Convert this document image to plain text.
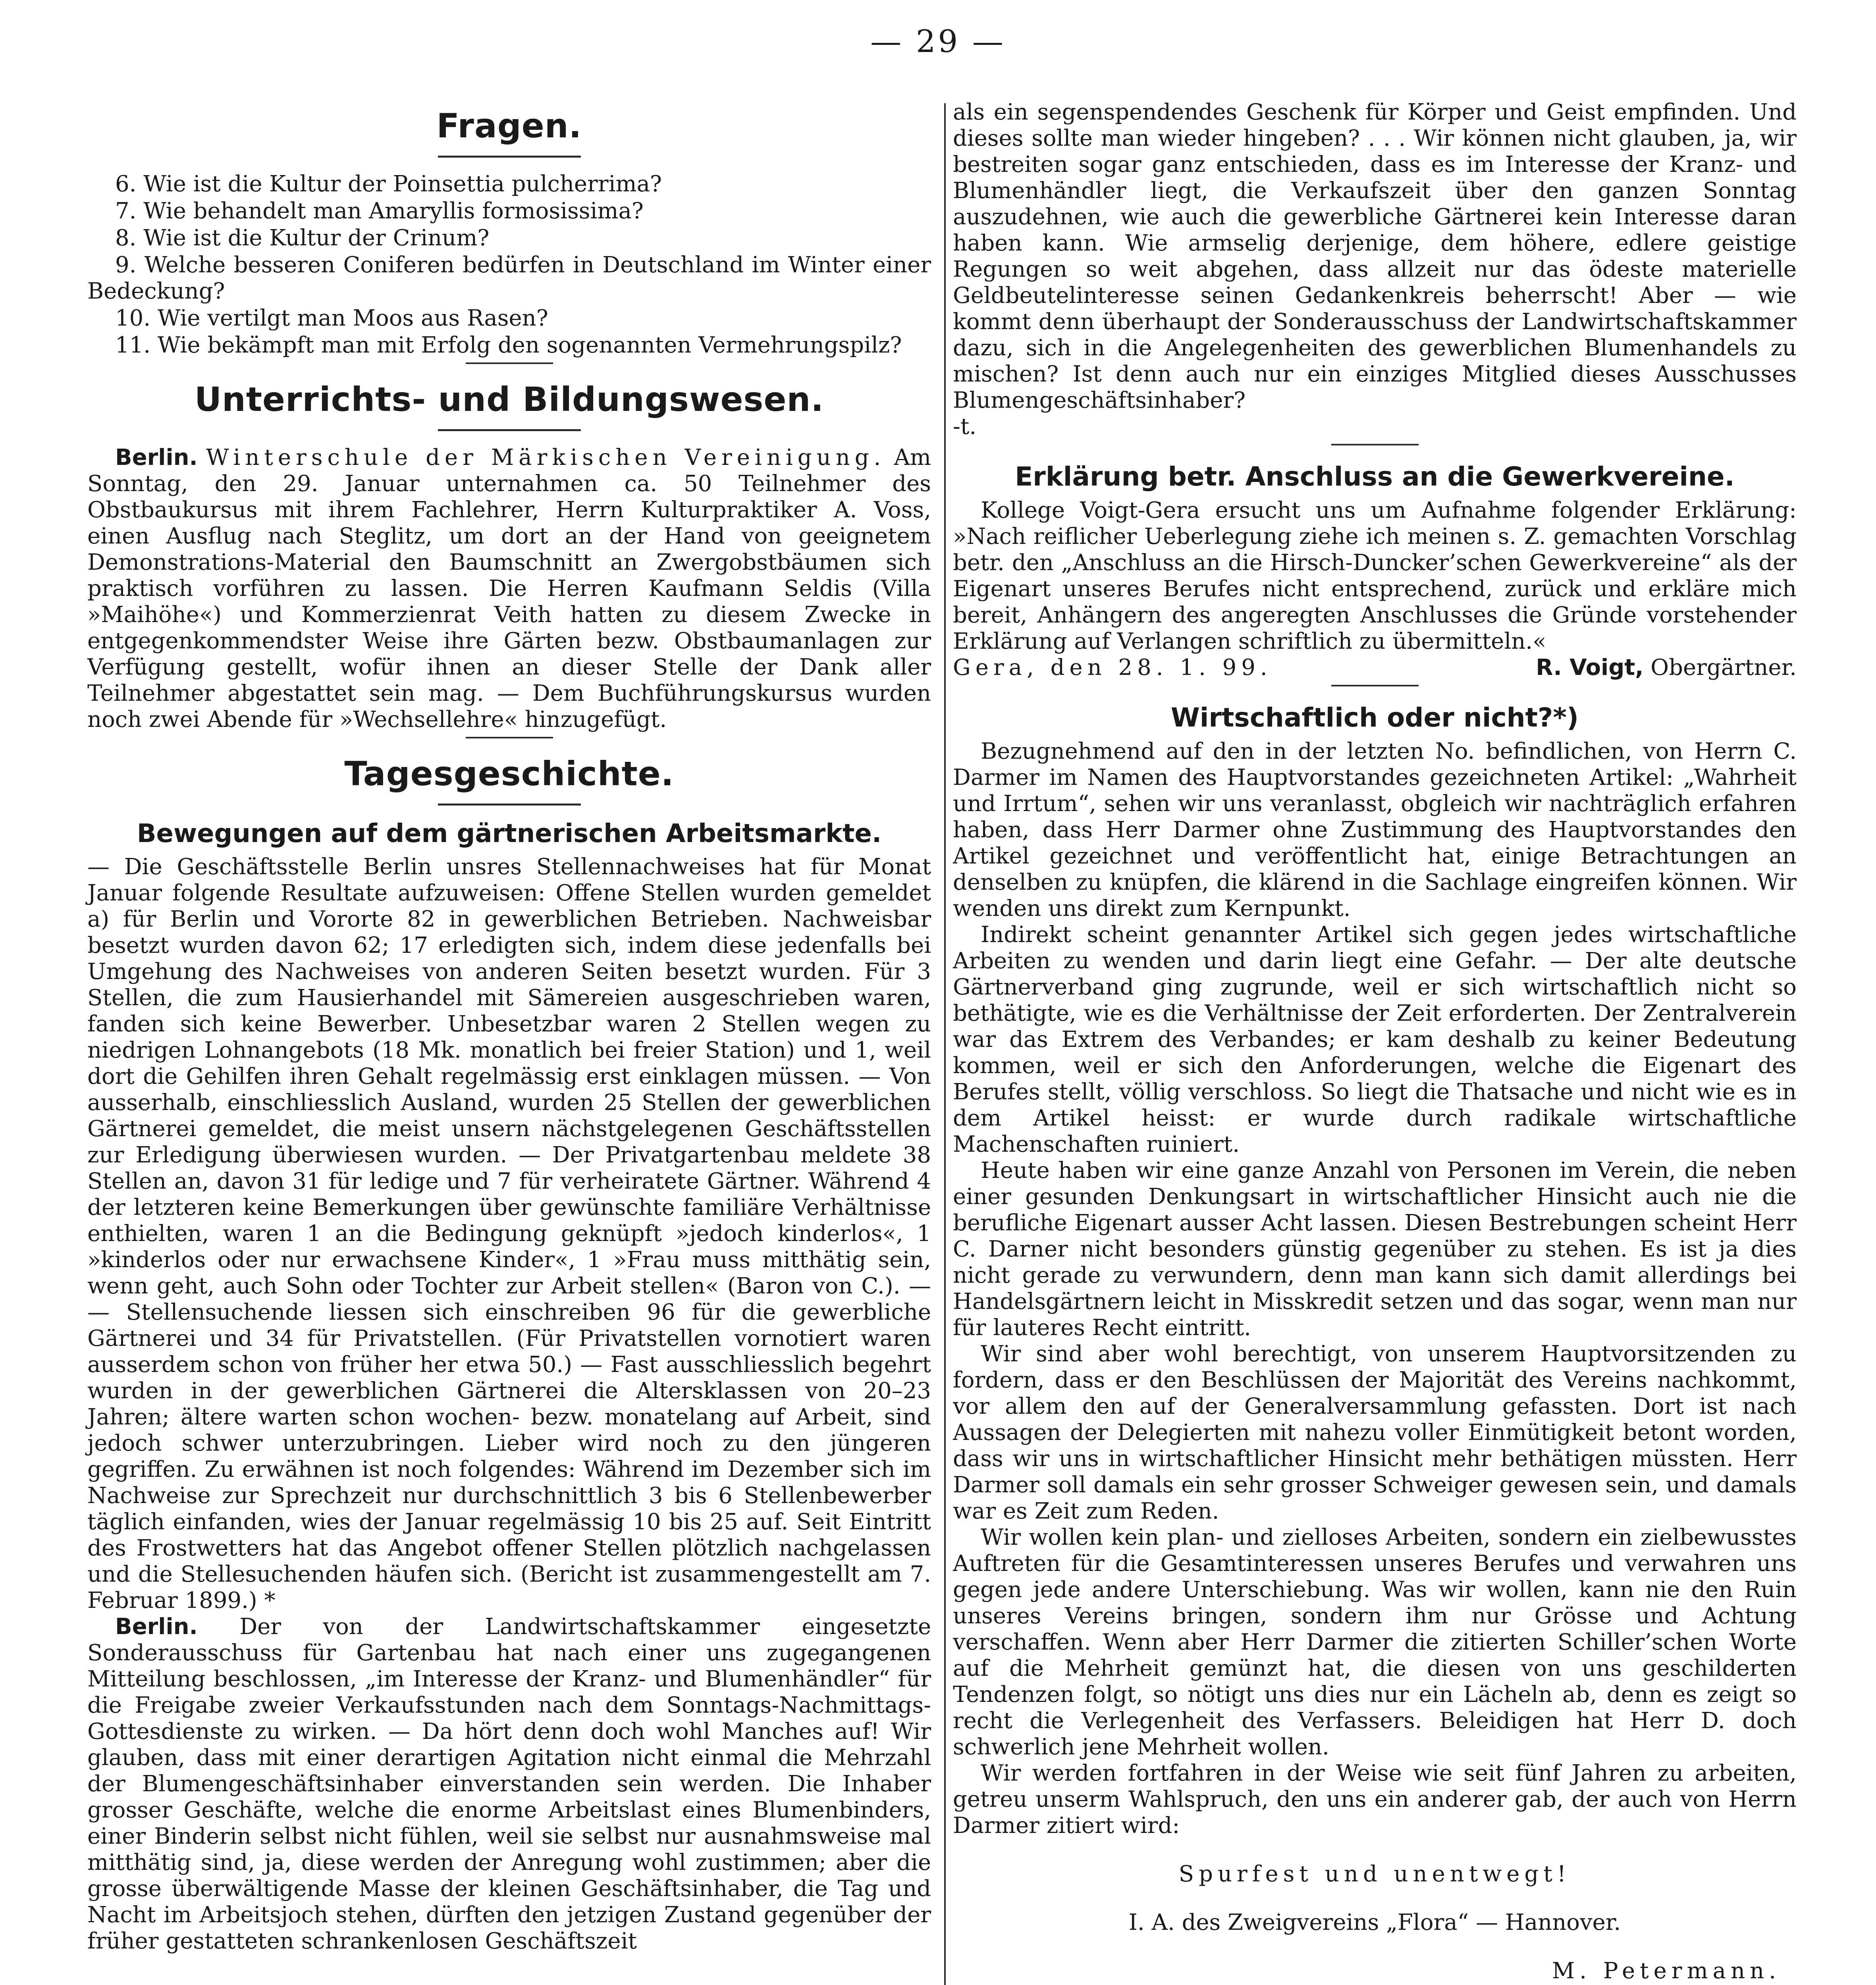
— 29 —
Fragen.

6. Wie ist die Kultur der Poinsettia pulcherrima?

7. Wie behandelt man Amaryllis formosissima?

8. Wie ist die Kultur der Crinum?

9. Welche besseren Coniferen bedürfen in Deutschland im Winter einer Bedeckung?

10. Wie vertilgt man Moos aus Rasen?

11. Wie bekämpft man mit Erfolg den sogenannten Vermehrungspilz?

Unterrichts- und Bildungswesen.

Berlin. Winterschule der Märkischen Vereinigung. Am Sonntag, den 29. Januar unternahmen ca. 50 Teilnehmer des Obstbaukursus mit ihrem Fachlehrer, Herrn Kulturpraktiker A. Voss, einen Ausflug nach Steglitz, um dort an der Hand von geeignetem Demonstrations-Material den Baumschnitt an Zwergobstbäumen sich praktisch vorführen zu lassen. Die Herren Kaufmann Seldis (Villa »Maihöhe«) und Kommerzienrat Veith hatten zu diesem Zwecke in entgegenkommendster Weise ihre Gärten bezw. Obstbaumanlagen zur Verfügung gestellt, wofür ihnen an dieser Stelle der Dank aller Teilnehmer abgestattet sein mag. — Dem Buchführungskursus wurden noch zwei Abende für »Wechsellehre« hinzugefügt.

Tagesgeschichte.
Bewegungen auf dem gärtnerischen Arbeitsmarkte.

— Die Geschäftsstelle Berlin unsres Stellennachweises hat für Monat Januar folgende Resultate aufzuweisen: Offene Stellen wurden gemeldet a) für Berlin und Vororte 82 in gewerblichen Betrieben. Nachweisbar besetzt wurden davon 62; 17 erledigten sich, indem diese jedenfalls bei Umgehung des Nachweises von anderen Seiten besetzt wurden. Für 3 Stellen, die zum Hausierhandel mit Sämereien ausgeschrieben waren, fanden sich keine Bewerber. Unbesetzbar waren 2 Stellen wegen zu niedrigen Lohnangebots (18 Mk. monatlich bei freier Station) und 1, weil dort die Gehilfen ihren Gehalt regelmässig erst einklagen müssen. — Von ausserhalb, einschliesslich Ausland, wurden 25 Stellen der gewerblichen Gärtnerei gemeldet, die meist unsern nächstgelegenen Geschäftsstellen zur Erledigung überwiesen wurden. — Der Privatgartenbau meldete 38 Stellen an, davon 31 für ledige und 7 für verheiratete Gärtner. Während 4 der letzteren keine Bemerkungen über gewünschte familiäre Verhältnisse enthielten, waren 1 an die Bedingung geknüpft »jedoch kinderlos«, 1 »kinderlos oder nur erwachsene Kinder«, 1 »Frau muss mitthätig sein, wenn geht, auch Sohn oder Tochter zur Arbeit stellen« (Baron von C.). — — Stellensuchende liessen sich einschreiben 96 für die gewerbliche Gärtnerei und 34 für Privatstellen. (Für Privatstellen vornotiert waren ausserdem schon von früher her etwa 50.) — Fast ausschliesslich begehrt wurden in der gewerblichen Gärtnerei die Altersklassen von 20–23 Jahren; ältere warten schon wochen- bezw. monatelang auf Arbeit, sind jedoch schwer unterzubringen. Lieber wird noch zu den jüngeren gegriffen. Zu erwähnen ist noch folgendes: Während im Dezember sich im Nachweise zur Sprechzeit nur durchschnittlich 3 bis 6 Stellenbewerber täglich einfanden, wies der Januar regelmässig 10 bis 25 auf. Seit Eintritt des Frostwetters hat das Angebot offener Stellen plötzlich nachgelassen und die Stellesuchenden häufen sich. (Bericht ist zusammengestellt am 7. Februar 1899.) *

Berlin. Der von der Landwirtschaftskammer eingesetzte Sonderausschuss für Gartenbau hat nach einer uns zugegangenen Mitteilung beschlossen, „im Interesse der Kranz- und Blumenhändler“ für die Freigabe zweier Verkaufsstunden nach dem Sonntags-Nachmittags-Gottesdienste zu wirken. — Da hört denn doch wohl Manches auf! Wir glauben, dass mit einer derartigen Agitation nicht einmal die Mehrzahl der Blumengeschäftsinhaber einverstanden sein werden. Die Inhaber grosser Geschäfte, welche die enorme Arbeitslast eines Blumenbinders, einer Binderin selbst nicht fühlen, weil sie selbst nur ausnahmsweise mal mitthätig sind, ja, diese werden der Anregung wohl zustimmen; aber die grosse überwältigende Masse der kleinen Geschäftsinhaber, die Tag und Nacht im Arbeitsjoch stehen, dürften den jetzigen Zustand gegenüber der früher gestatteten schrankenlosen Geschäftszeit

als ein segenspendendes Geschenk für Körper und Geist empfinden. Und dieses sollte man wieder hingeben? . . . Wir können nicht glauben, ja, wir bestreiten sogar ganz entschieden, dass es im Interesse der Kranz- und Blumenhändler liegt, die Verkaufszeit über den ganzen Sonntag auszudehnen, wie auch die gewerbliche Gärtnerei kein Interesse daran haben kann. Wie armselig derjenige, dem höhere, edlere geistige Regungen so weit abgehen, dass allzeit nur das ödeste materielle Geldbeutelinteresse seinen Gedankenkreis beherrscht! Aber — wie kommt denn überhaupt der Sonderausschuss der Landwirtschaftskammer dazu, sich in die Angelegenheiten des gewerblichen Blumenhandels zu mischen? Ist denn auch nur ein einziges Mitglied dieses Ausschusses Blumengeschäftsinhaber?

-t.

Erklärung betr. Anschluss an die Gewerkvereine.

Kollege Voigt-Gera ersucht uns um Aufnahme folgender Erklärung: »Nach reiflicher Ueberlegung ziehe ich meinen s. Z. gemachten Vorschlag betr. den „Anschluss an die Hirsch-Duncker’schen Gewerkvereine“ als der Eigenart unseres Berufes nicht entsprechend, zurück und erkläre mich bereit, Anhängern des angeregten Anschlusses die Gründe vorstehender Erklärung auf Verlangen schriftlich zu übermitteln.«

Gera, den 28. 1. 99.	R. Voigt, Obergärtner.
Wirtschaftlich oder nicht?*)

Bezugnehmend auf den in der letzten No. befindlichen, von Herrn C. Darmer im Namen des Hauptvorstandes gezeichneten Artikel: „Wahrheit und Irrtum“, sehen wir uns veranlasst, obgleich wir nachträglich erfahren haben, dass Herr Darmer ohne Zustimmung des Hauptvorstandes den Artikel gezeichnet und veröffentlicht hat, einige Betrachtungen an denselben zu knüpfen, die klärend in die Sachlage eingreifen können. Wir wenden uns direkt zum Kernpunkt.

Indirekt scheint genannter Artikel sich gegen jedes wirtschaftliche Arbeiten zu wenden und darin liegt eine Gefahr. — Der alte deutsche Gärtnerverband ging zugrunde, weil er sich wirtschaftlich nicht so bethätigte, wie es die Verhältnisse der Zeit erforderten. Der Zentralverein war das Extrem des Verbandes; er kam deshalb zu keiner Bedeutung kommen, weil er sich den Anforderungen, welche die Eigenart des Berufes stellt, völlig verschloss. So liegt die Thatsache und nicht wie es in dem Artikel heisst: er wurde durch radikale wirtschaftliche Machenschaften ruiniert.

Heute haben wir eine ganze Anzahl von Personen im Verein, die neben einer gesunden Denkungsart in wirtschaftlicher Hinsicht auch nie die berufliche Eigenart ausser Acht lassen. Diesen Bestrebungen scheint Herr C. Darner nicht besonders günstig gegenüber zu stehen. Es ist ja dies nicht gerade zu verwundern, denn man kann sich damit allerdings bei Handelsgärtnern leicht in Misskredit setzen und das sogar, wenn man nur für lauteres Recht eintritt.

Wir sind aber wohl berechtigt, von unserem Hauptvorsitzenden zu fordern, dass er den Beschlüssen der Majorität des Vereins nachkommt, vor allem den auf der Generalversammlung gefassten. Dort ist nach Aussagen der Delegierten mit nahezu voller Einmütigkeit betont worden, dass wir uns in wirtschaftlicher Hinsicht mehr bethätigen müssten. Herr Darmer soll damals ein sehr grosser Schweiger gewesen sein, und damals war es Zeit zum Reden.

Wir wollen kein plan- und zielloses Arbeiten, sondern ein zielbewusstes Auftreten für die Gesamtinteressen unseres Berufes und verwahren uns gegen jede andere Unterschiebung. Was wir wollen, kann nie den Ruin unseres Vereins bringen, sondern ihm nur Grösse und Achtung verschaffen. Wenn aber Herr Darmer die zitierten Schiller’schen Worte auf die Mehrheit gemünzt hat, die diesen von uns geschilderten Tendenzen folgt, so nötigt uns dies nur ein Lächeln ab, denn es zeigt so recht die Verlegenheit des Verfassers. Beleidigen hat Herr D. doch schwerlich jene Mehrheit wollen.

Wir werden fortfahren in der Weise wie seit fünf Jahren zu arbeiten, getreu unserm Wahlspruch, den uns ein anderer gab, der auch von Herrn Darmer zitiert wird:

Spurfest und unentwegt!

I. A. des Zweigvereins „Flora“ — Hannover.

M. Petermann.
